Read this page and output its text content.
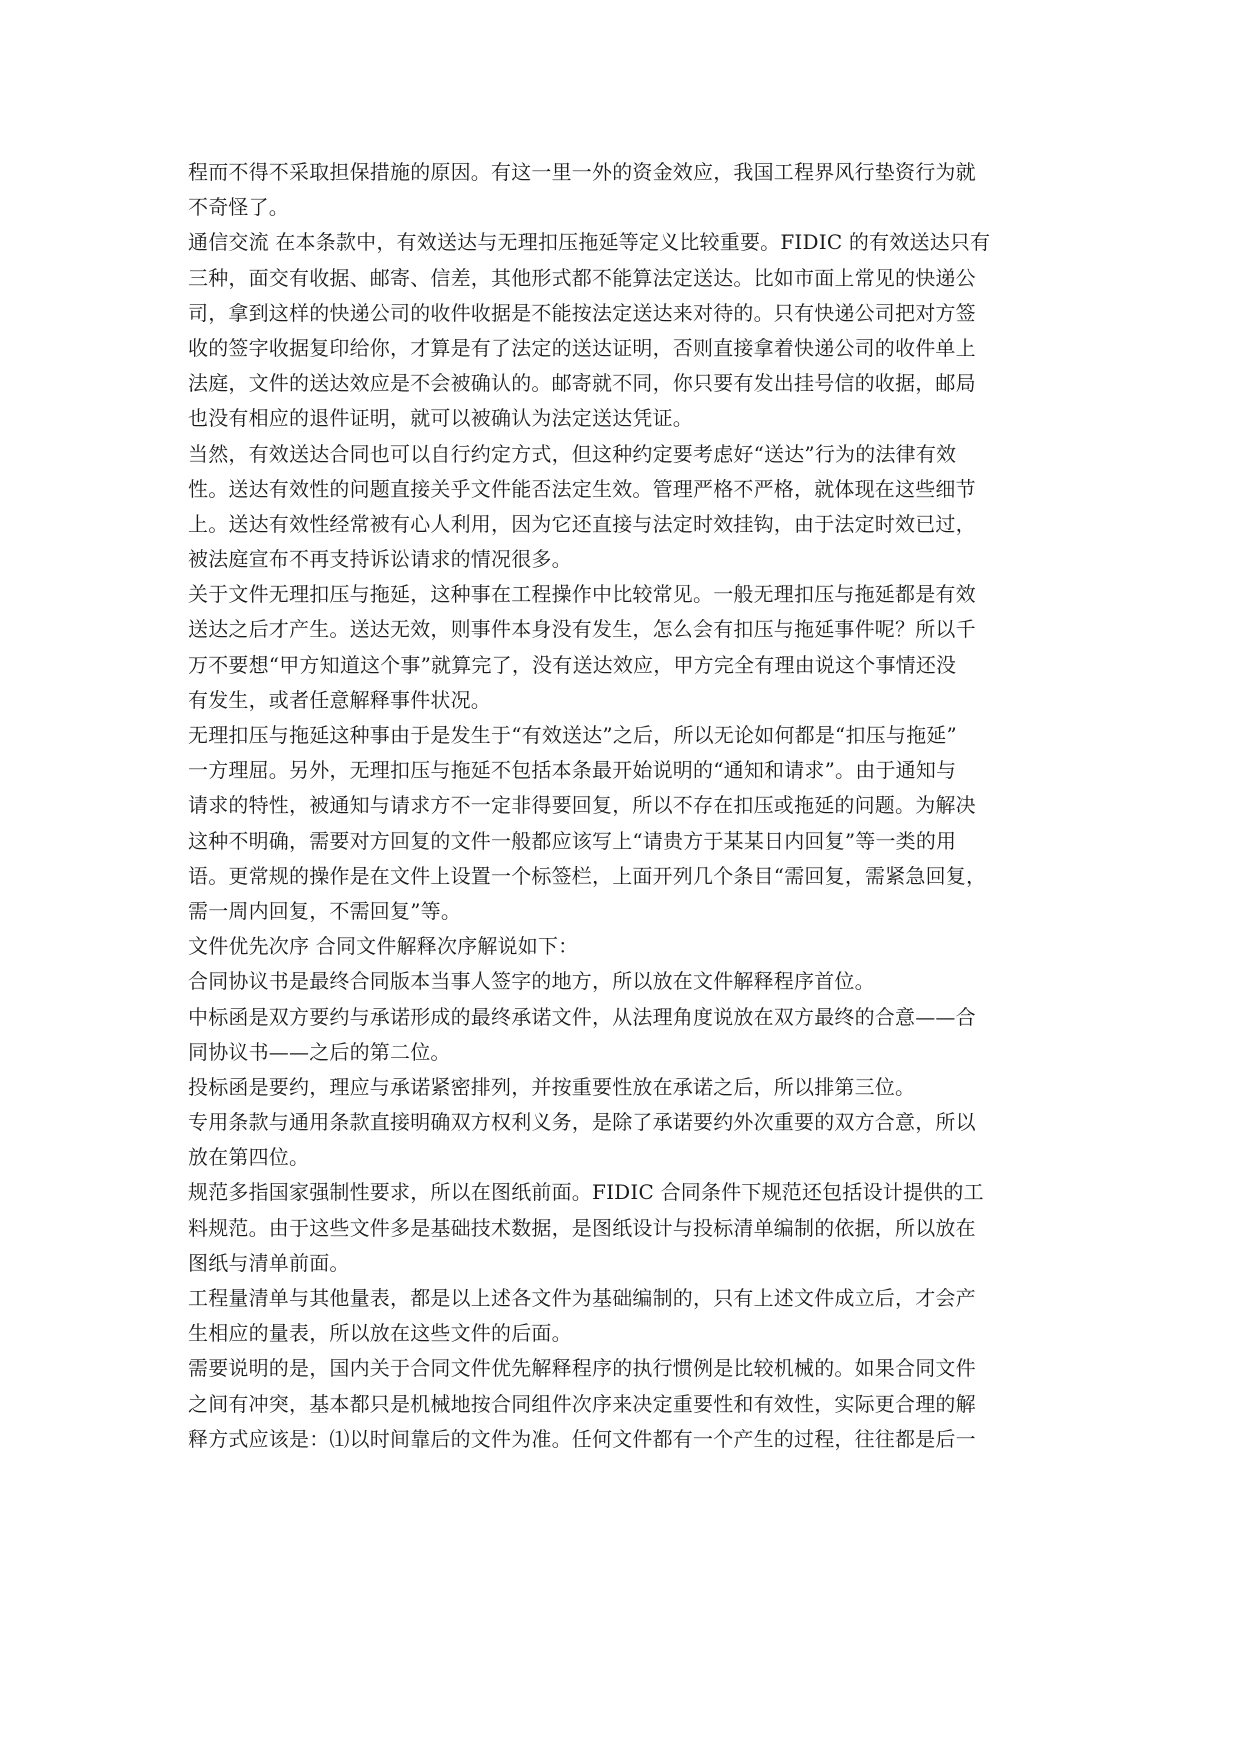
程而不得不采取担保措施的原因。有这一里一外的资金效应，我国工程界风行垫资行为就
不奇怪了。
通信交流 在本条款中，有效送达与无理扣压拖延等定义比较重要。FIDIC 的有效送达只有
三种，面交有收据、邮寄、信差，其他形式都不能算法定送达。比如市面上常见的快递公
司，拿到这样的快递公司的收件收据是不能按法定送达来对待的。只有快递公司把对方签
收的签字收据复印给你，才算是有了法定的送达证明，否则直接拿着快递公司的收件单上
法庭，文件的送达效应是不会被确认的。邮寄就不同，你只要有发出挂号信的收据，邮局
也没有相应的退件证明，就可以被确认为法定送达凭证。
当然，有效送达合同也可以自行约定方式，但这种约定要考虑好“送达”行为的法律有效
性。送达有效性的问题直接关乎文件能否法定生效。管理严格不严格，就体现在这些细节
上。送达有效性经常被有心人利用，因为它还直接与法定时效挂钩，由于法定时效已过，
被法庭宣布不再支持诉讼请求的情况很多。
关于文件无理扣压与拖延，这种事在工程操作中比较常见。一般无理扣压与拖延都是有效
送达之后才产生。送达无效，则事件本身没有发生，怎么会有扣压与拖延事件呢？所以千
万不要想“甲方知道这个事”就算完了，没有送达效应，甲方完全有理由说这个事情还没
有发生，或者任意解释事件状况。
无理扣压与拖延这种事由于是发生于“有效送达”之后，所以无论如何都是“扣压与拖延”
一方理屈。另外，无理扣压与拖延不包括本条最开始说明的“通知和请求”。由于通知与
请求的特性，被通知与请求方不一定非得要回复，所以不存在扣压或拖延的问题。为解决
这种不明确，需要对方回复的文件一般都应该写上“请贵方于某某日内回复”等一类的用
语。更常规的操作是在文件上设置一个标签栏，上面开列几个条目“需回复，需紧急回复，
需一周内回复，不需回复”等。
文件优先次序 合同文件解释次序解说如下：
合同协议书是最终合同版本当事人签字的地方，所以放在文件解释程序首位。
中标函是双方要约与承诺形成的最终承诺文件，从法理角度说放在双方最终的合意——合
同协议书——之后的第二位。
投标函是要约，理应与承诺紧密排列，并按重要性放在承诺之后，所以排第三位。
专用条款与通用条款直接明确双方权利义务，是除了承诺要约外次重要的双方合意，所以
放在第四位。
规范多指国家强制性要求，所以在图纸前面。FIDIC 合同条件下规范还包括设计提供的工
料规范。由于这些文件多是基础技术数据，是图纸设计与投标清单编制的依据，所以放在
图纸与清单前面。
工程量清单与其他量表，都是以上述各文件为基础编制的，只有上述文件成立后，才会产
生相应的量表，所以放在这些文件的后面。
需要说明的是，国内关于合同文件优先解释程序的执行惯例是比较机械的。如果合同文件
之间有冲突，基本都只是机械地按合同组件次序来决定重要性和有效性，实际更合理的解
释方式应该是：⑴以时间靠后的文件为准。任何文件都有一个产生的过程，往往都是后一
